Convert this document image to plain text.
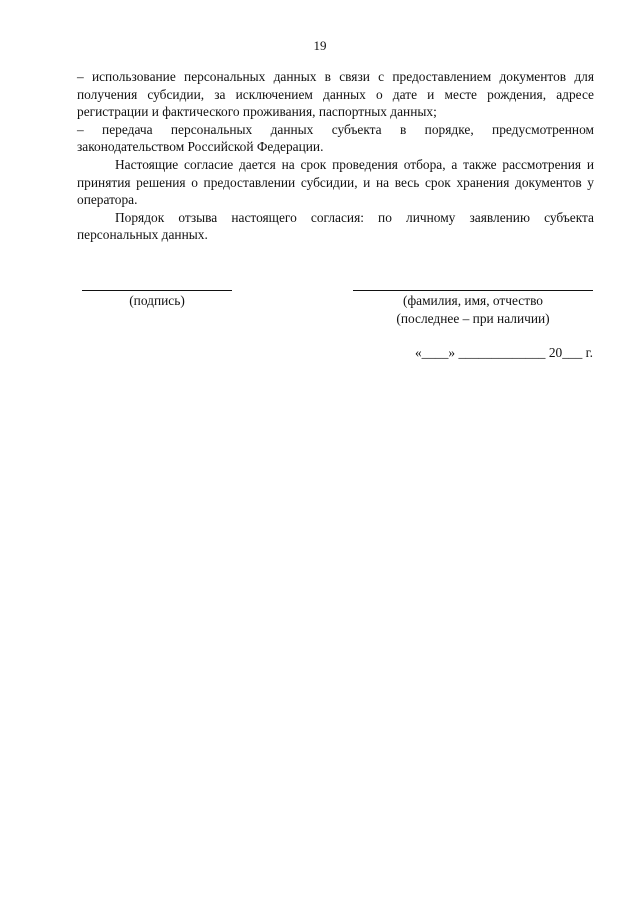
19

– использование персональных данных в связи с предоставлением документов для получения субсидии, за исключением данных о дате и месте рождения, адресе регистрации и фактического проживания, паспортных данных;

– передача персональных данных субъекта в порядке, предусмотренном законодательством Российской Федерации.

Настоящие согласие дается на срок проведения отбора, а также рассмотрения и принятия решения о предоставлении субсидии, и на весь срок хранения документов у оператора.

Порядок отзыва настоящего согласия: по личному заявлению субъекта персональных данных.

(подпись)	(фамилия, имя, отчество
(последнее – при наличии)
«____» _____________ 20___ г.
